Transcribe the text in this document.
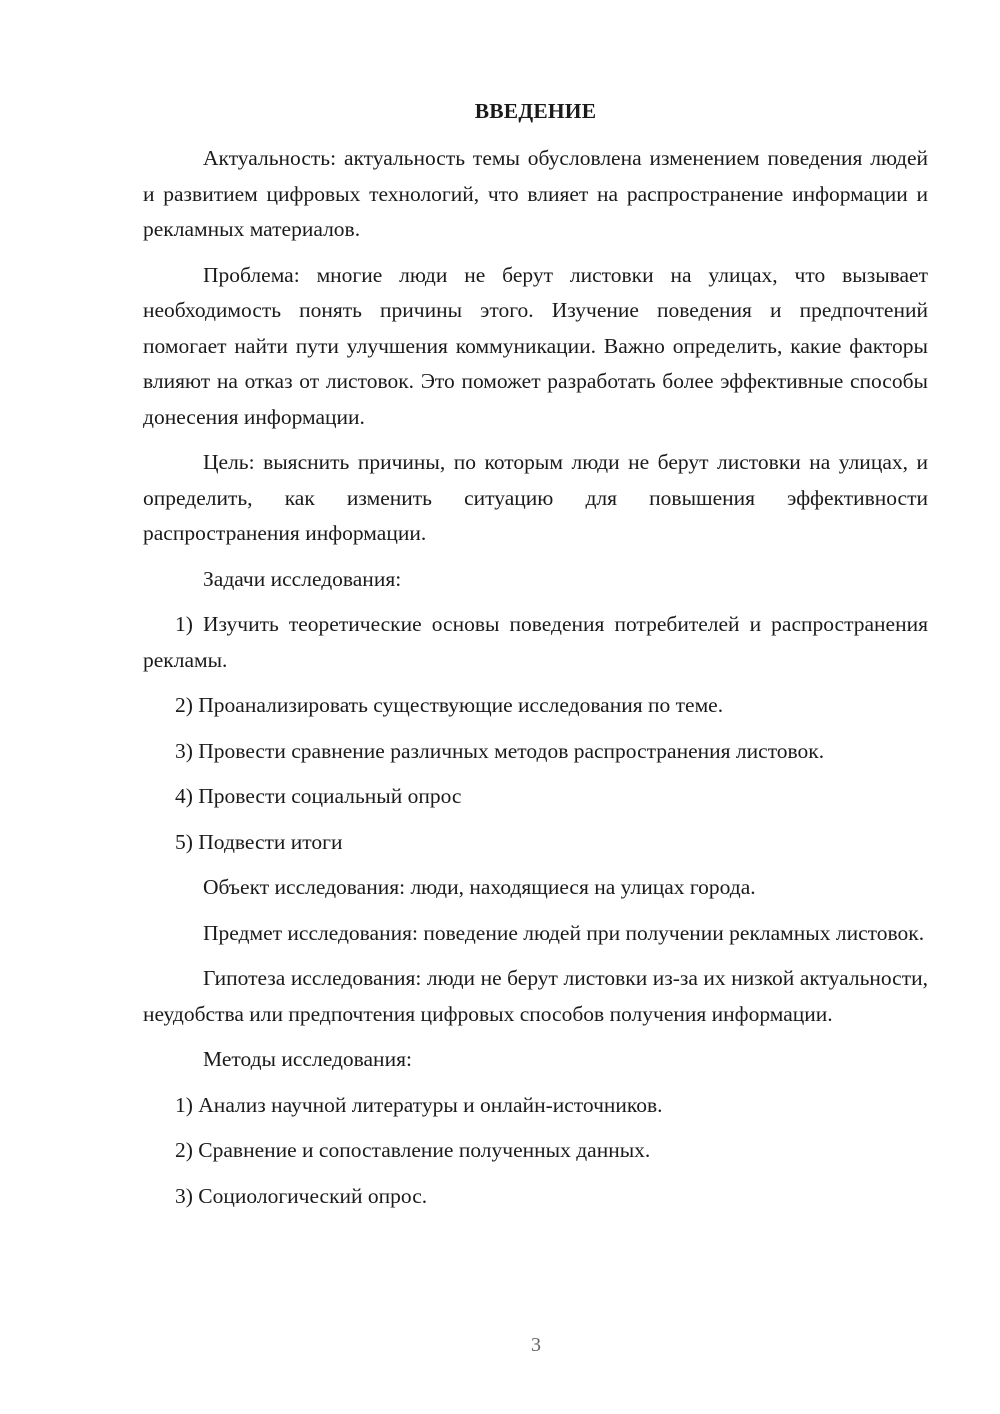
ВВЕДЕНИЕ

Актуальность: актуальность темы обусловлена изменением поведения людей и развитием цифровых технологий, что влияет на распространение информации и рекламных материалов.

Проблема: многие люди не берут листовки на улицах, что вызывает необходимость понять причины этого. Изучение поведения и предпочтений помогает найти пути улучшения коммуникации. Важно определить, какие факторы влияют на отказ от листовок. Это поможет разработать более эффективные способы донесения информации.

Цель: выяснить причины, по которым люди не берут листовки на улицах, и определить, как изменить ситуацию для повышения эффективности распространения информации.

Задачи исследования:

1) Изучить теоретические основы поведения потребителей и распространения рекламы.

2) Проанализировать существующие исследования по теме.

3) Провести сравнение различных методов распространения листовок.

4) Провести социальный опрос

5) Подвести итоги

Объект исследования: люди, находящиеся на улицах города.

Предмет исследования: поведение людей при получении рекламных листовок.

Гипотеза исследования: люди не берут листовки из-за их низкой актуальности, неудобства или предпочтения цифровых способов получения информации.

Методы исследования:

1) Анализ научной литературы и онлайн-источников.

2) Сравнение и сопоставление полученных данных.

3) Социологический опрос.

3
